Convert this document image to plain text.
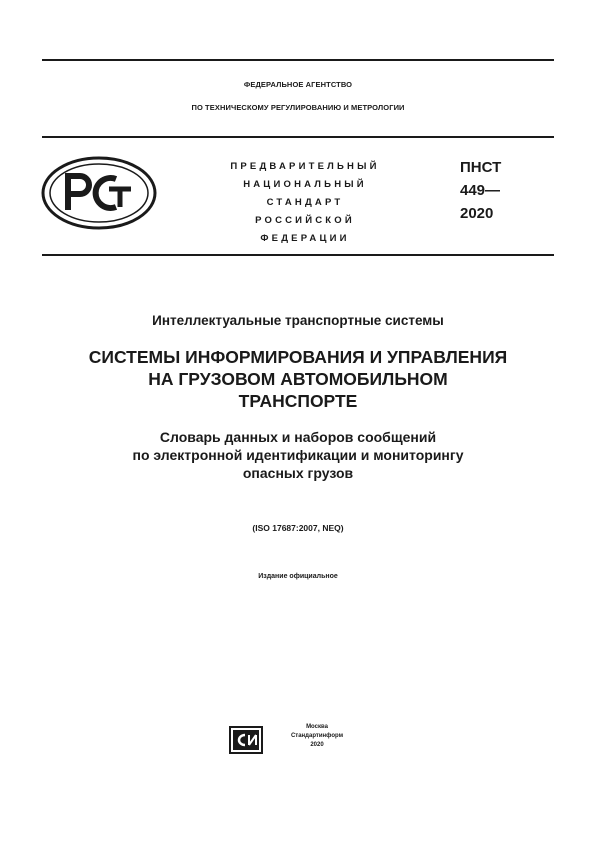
ФЕДЕРАЛЬНОЕ АГЕНТСТВО
ПО ТЕХНИЧЕСКОМУ РЕГУЛИРОВАНИЮ И МЕТРОЛОГИИ
ПРЕДВАРИТЕЛЬНЫЙ
НАЦИОНАЛЬНЫЙ
СТАНДАРТ
РОССИЙСКОЙ
ФЕДЕРАЦИИ
ПНСТ
449—
2020
Интеллектуальные транспортные системы
СИСТЕМЫ ИНФОРМИРОВАНИЯ И УПРАВЛЕНИЯ
НА ГРУЗОВОМ АВТОМОБИЛЬНОМ
ТРАНСПОРТЕ
Словарь данных и наборов сообщений
по электронной идентификации и мониторингу
опасных грузов
(ISO 17687:2007, NEQ)
Издание официальное
Москва
Стандартинформ
2020
